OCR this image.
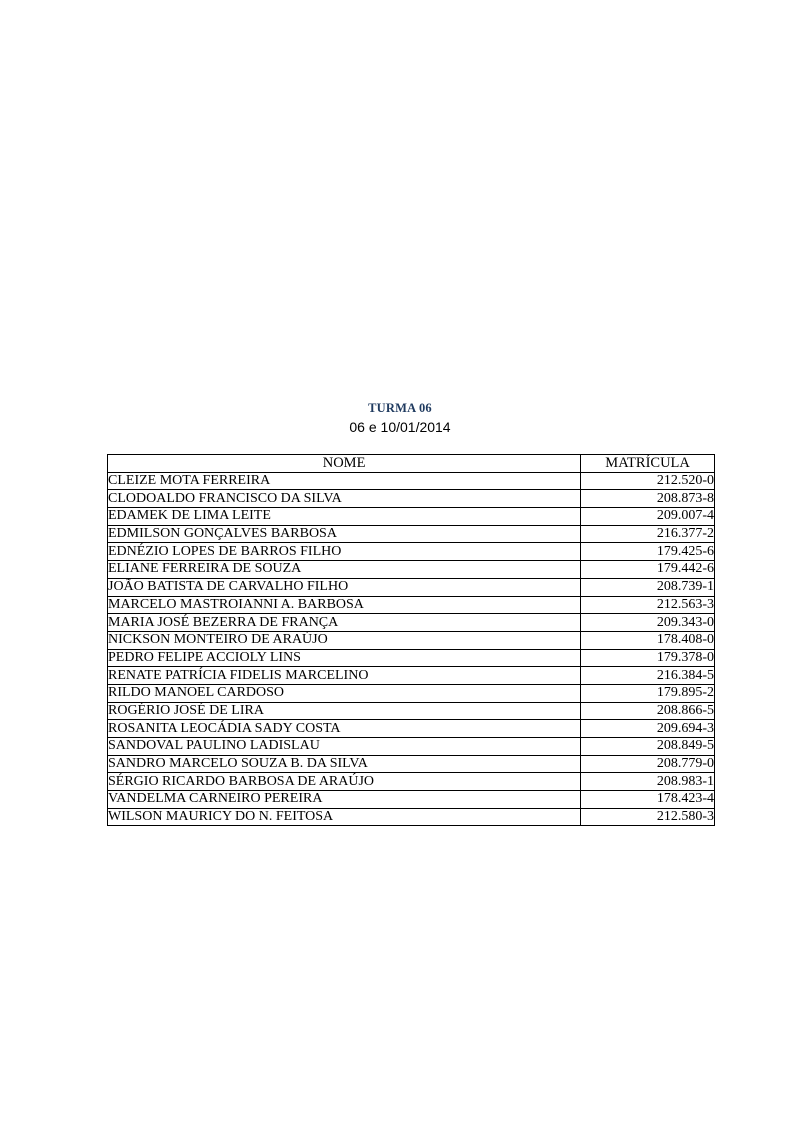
TURMA 06
06 e 10/01/2014
NOME	MATRÍCULA
CLEIZE MOTA FERREIRA	212.520-0
CLODOALDO FRANCISCO DA SILVA	208.873-8
EDAMEK DE LIMA LEITE	209.007-4
EDMILSON GONÇALVES BARBOSA	216.377-2
EDNÉZIO LOPES DE BARROS FILHO	179.425-6
ELIANE FERREIRA DE SOUZA	179.442-6
JOÃO BATISTA DE CARVALHO FILHO	208.739-1
MARCELO MASTROIANNI A. BARBOSA	212.563-3
MARIA JOSÉ BEZERRA DE FRANÇA	209.343-0
NICKSON MONTEIRO DE ARAÚJO	178.408-0
PEDRO FELIPE ACCIOLY LINS	179.378-0
RENATE PATRÍCIA FIDELIS MARCELINO	216.384-5
RILDO MANOEL CARDOSO	179.895-2
ROGÉRIO JOSÉ DE LIRA	208.866-5
ROSANITA LEOCÁDIA SADY COSTA	209.694-3
SANDOVAL PAULINO LADISLAU	208.849-5
SANDRO MARCELO SOUZA B. DA SILVA	208.779-0
SÉRGIO RICARDO BARBOSA DE ARAÚJO	208.983-1
VANDELMA CARNEIRO PEREIRA	178.423-4
WILSON MAURICY DO N. FEITOSA	212.580-3
